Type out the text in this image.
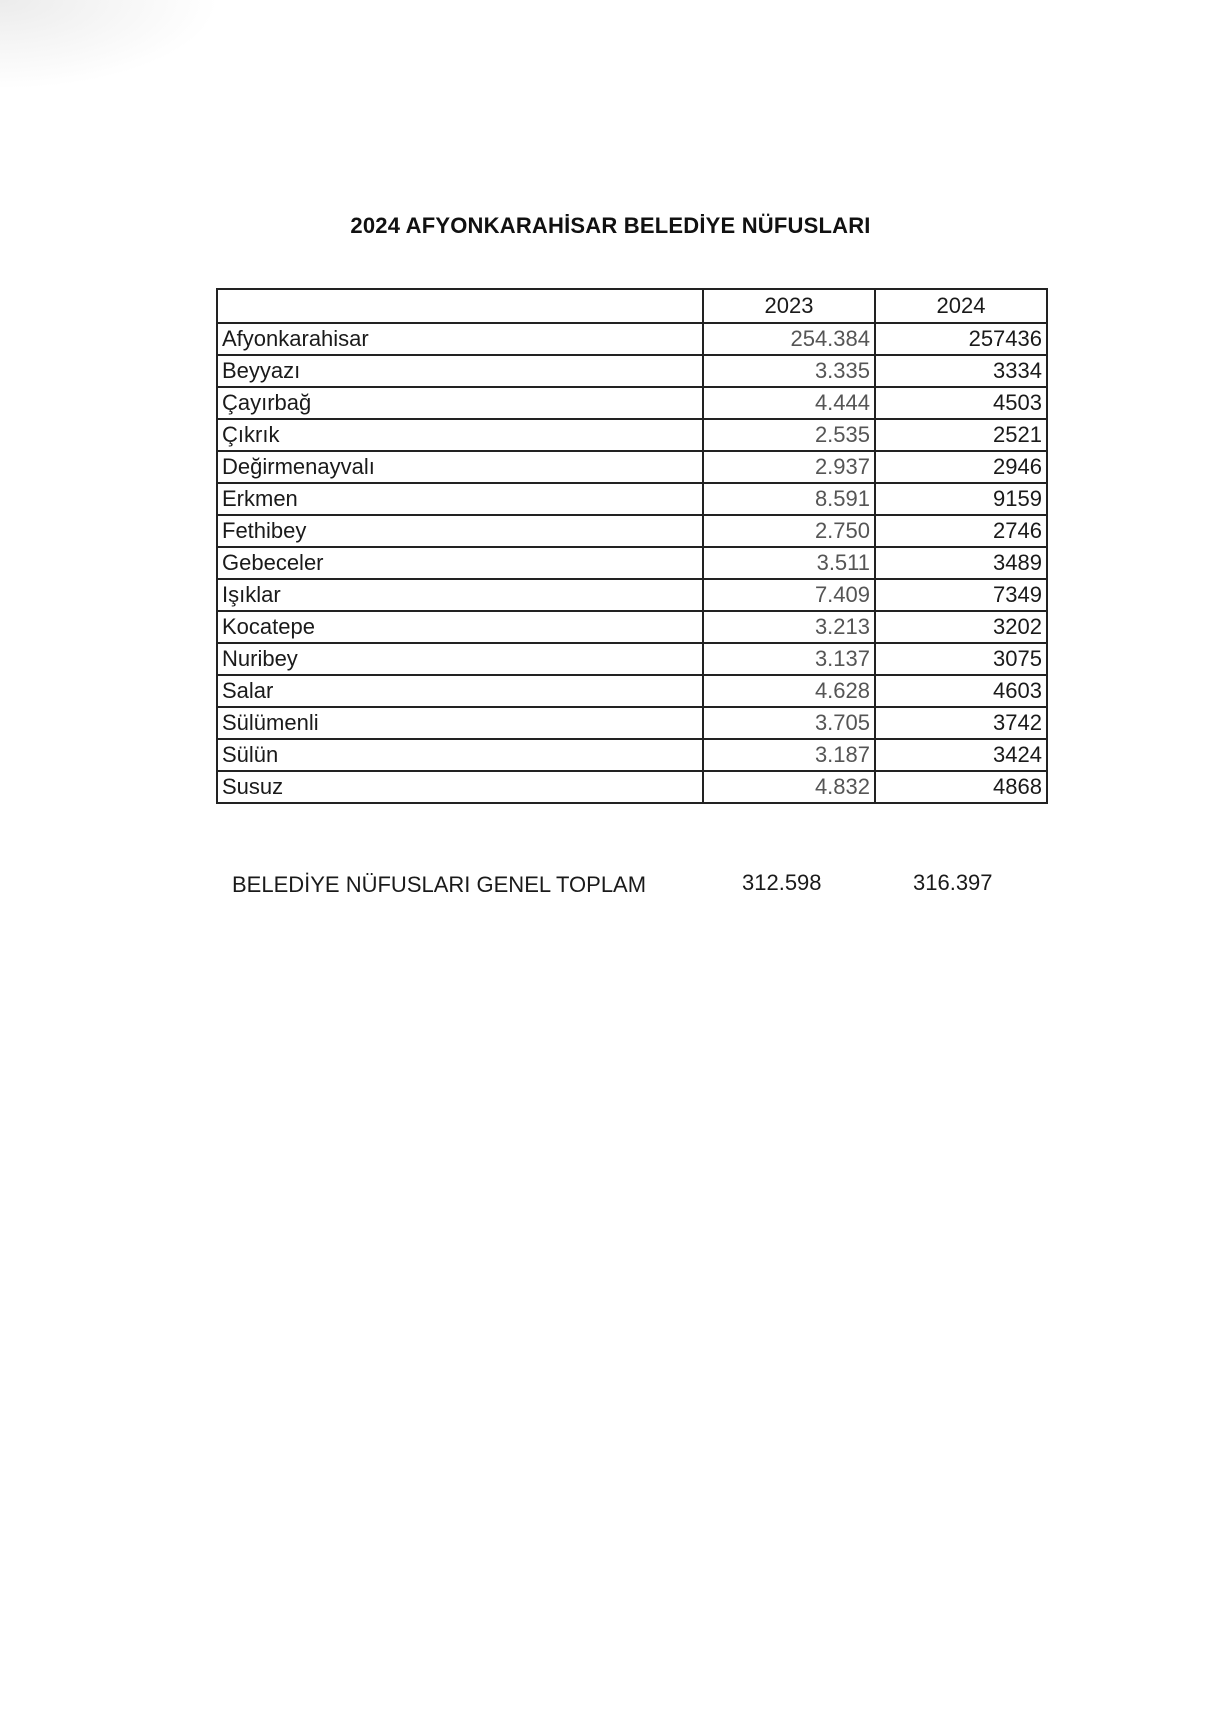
2024 AFYONKARAHİSAR BELEDİYE NÜFUSLARI
	2023	2024
Afyonkarahisar	254.384	257436
Beyyazı	3.335	3334
Çayırbağ	4.444	4503
Çıkrık	2.535	2521
Değirmenayvalı	2.937	2946
Erkmen	8.591	9159
Fethibey	2.750	2746
Gebeceler	3.511	3489
Işıklar	7.409	7349
Kocatepe	3.213	3202
Nuribey	3.137	3075
Salar	4.628	4603
Sülümenli	3.705	3742
Sülün	3.187	3424
Susuz	4.832	4868
BELEDİYE NÜFUSLARI GENEL TOPLAM	312.598	316.397
